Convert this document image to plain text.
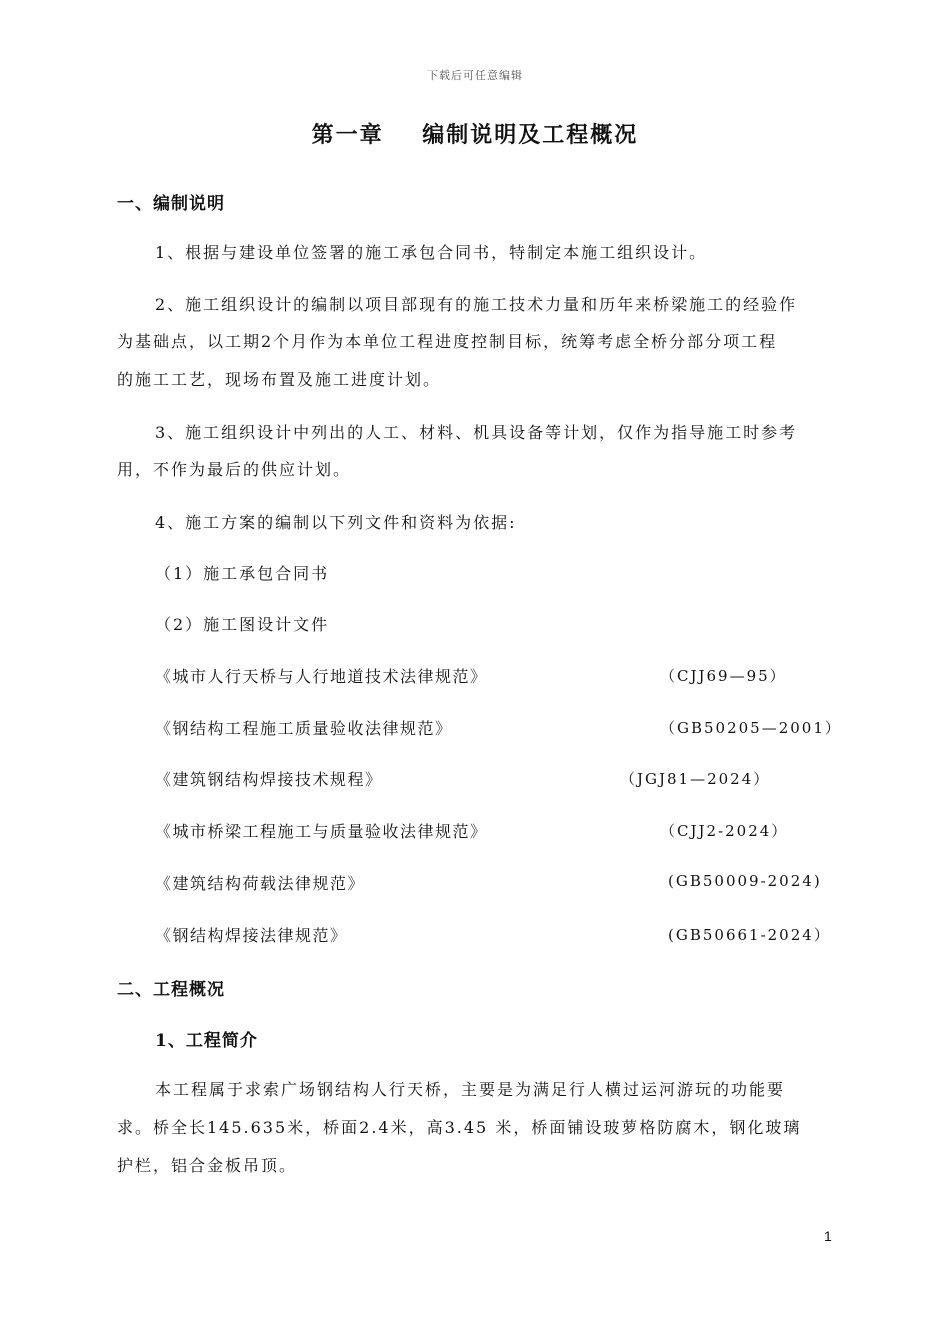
下载后可任意编辑
第一章    编制说明及工程概况
一、编制说明
1、根据与建设单位签署的施工承包合同书，特制定本施工组织设计。
2、施工组织设计的编制以项目部现有的施工技术力量和历年来桥梁施工的经验作
为基础点，以工期2个月作为本单位工程进度控制目标，统筹考虑全桥分部分项工程
的施工工艺，现场布置及施工进度计划。
3、施工组织设计中列出的人工、材料、机具设备等计划，仅作为指导施工时参考
用，不作为最后的供应计划。
4、施工方案的编制以下列文件和资料为依据:
（1）施工承包合同书
（2）施工图设计文件
《城市人行天桥与人行地道技术法律规范》	（CJJ69—95）
《钢结构工程施工质量验收法律规范》	（GB50205—2001）
《建筑钢结构焊接技术规程》	（JGJ81—2024）
《城市桥梁工程施工与质量验收法律规范》	（CJJ2-2024）
《建筑结构荷载法律规范》	(GB50009-2024)
《钢结构焊接法律规范》	(GB50661-2024）
二、工程概况
1、工程简介
本工程属于求索广场钢结构人行天桥，主要是为满足行人横过运河游玩的功能要
求。桥全长145.635米，桥面2.4米，高3.45 米，桥面铺设玻萝格防腐木，钢化玻璃
护栏，铝合金板吊顶。
1
